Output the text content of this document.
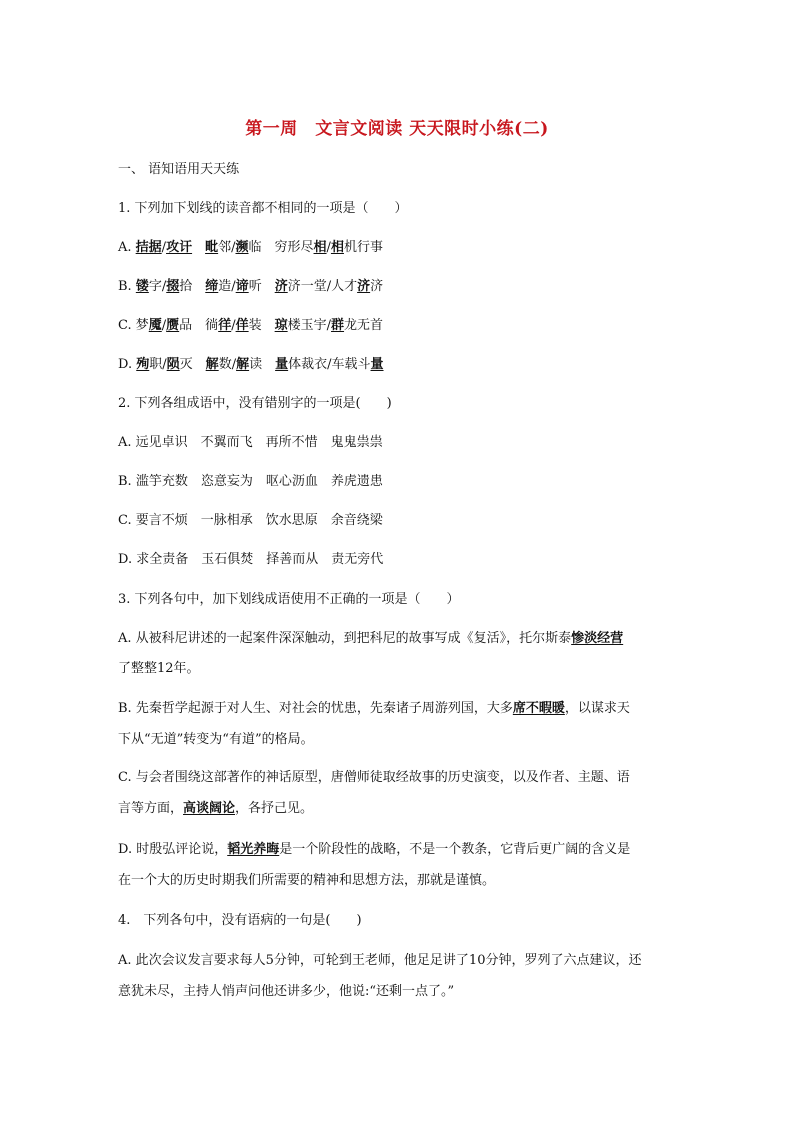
第一周　文言文阅读 天天限时小练(二)
一、 语知语用天天练
1. 下列加下划线的读音都不相同的一项是（　　）
A. 拮据/攻讦　 毗邻/濒临　穷形尽相/相机行事
B. 镂字/掇拾　缔造/谛听　济济一堂/人才济济
C. 梦魇/赝品　徜徉/佯装　琼楼玉宇/群龙无首
D. 殉职/陨灭　解数/解读　量体裁衣/车载斗量
2. 下列各组成语中，没有错别字的一项是(　　)
A. 远见卓识　不翼而飞　再所不惜　鬼鬼祟祟
B. 滥竽充数　恣意妄为　呕心沥血　养虎遗患
C. 要言不烦　一脉相承　饮水思原　余音绕梁
D. 求全责备　玉石俱焚　择善而从　责无旁代
3. 下列各句中，加下划线成语使用不正确的一项是（　　）
A. 从被科尼讲述的一起案件深深触动，到把科尼的故事写成《复活》，托尔斯泰惨淡经营
了整整12年。
B. 先秦哲学起源于对人生、对社会的忧患，先秦诸子周游列国，大多席不暇暖，以谋求天
下从“无道”转变为“有道”的格局。
C. 与会者围绕这部著作的神话原型，唐僧师徒取经故事的历史演变，以及作者、主题、语
言等方面，高谈阔论，各抒己见。
D. 时殷弘评论说，韬光养晦是一个阶段性的战略，不是一个教条，它背后更广阔的含义是
在一个大的历史时期我们所需要的精神和思想方法，那就是谨慎。
4.　下列各句中，没有语病的一句是(　　)
A. 此次会议发言要求每人5分钟，可轮到王老师，他足足讲了10分钟，罗列了六点建议，还
意犹未尽，主持人悄声问他还讲多少，他说:“还剩一点了。”
